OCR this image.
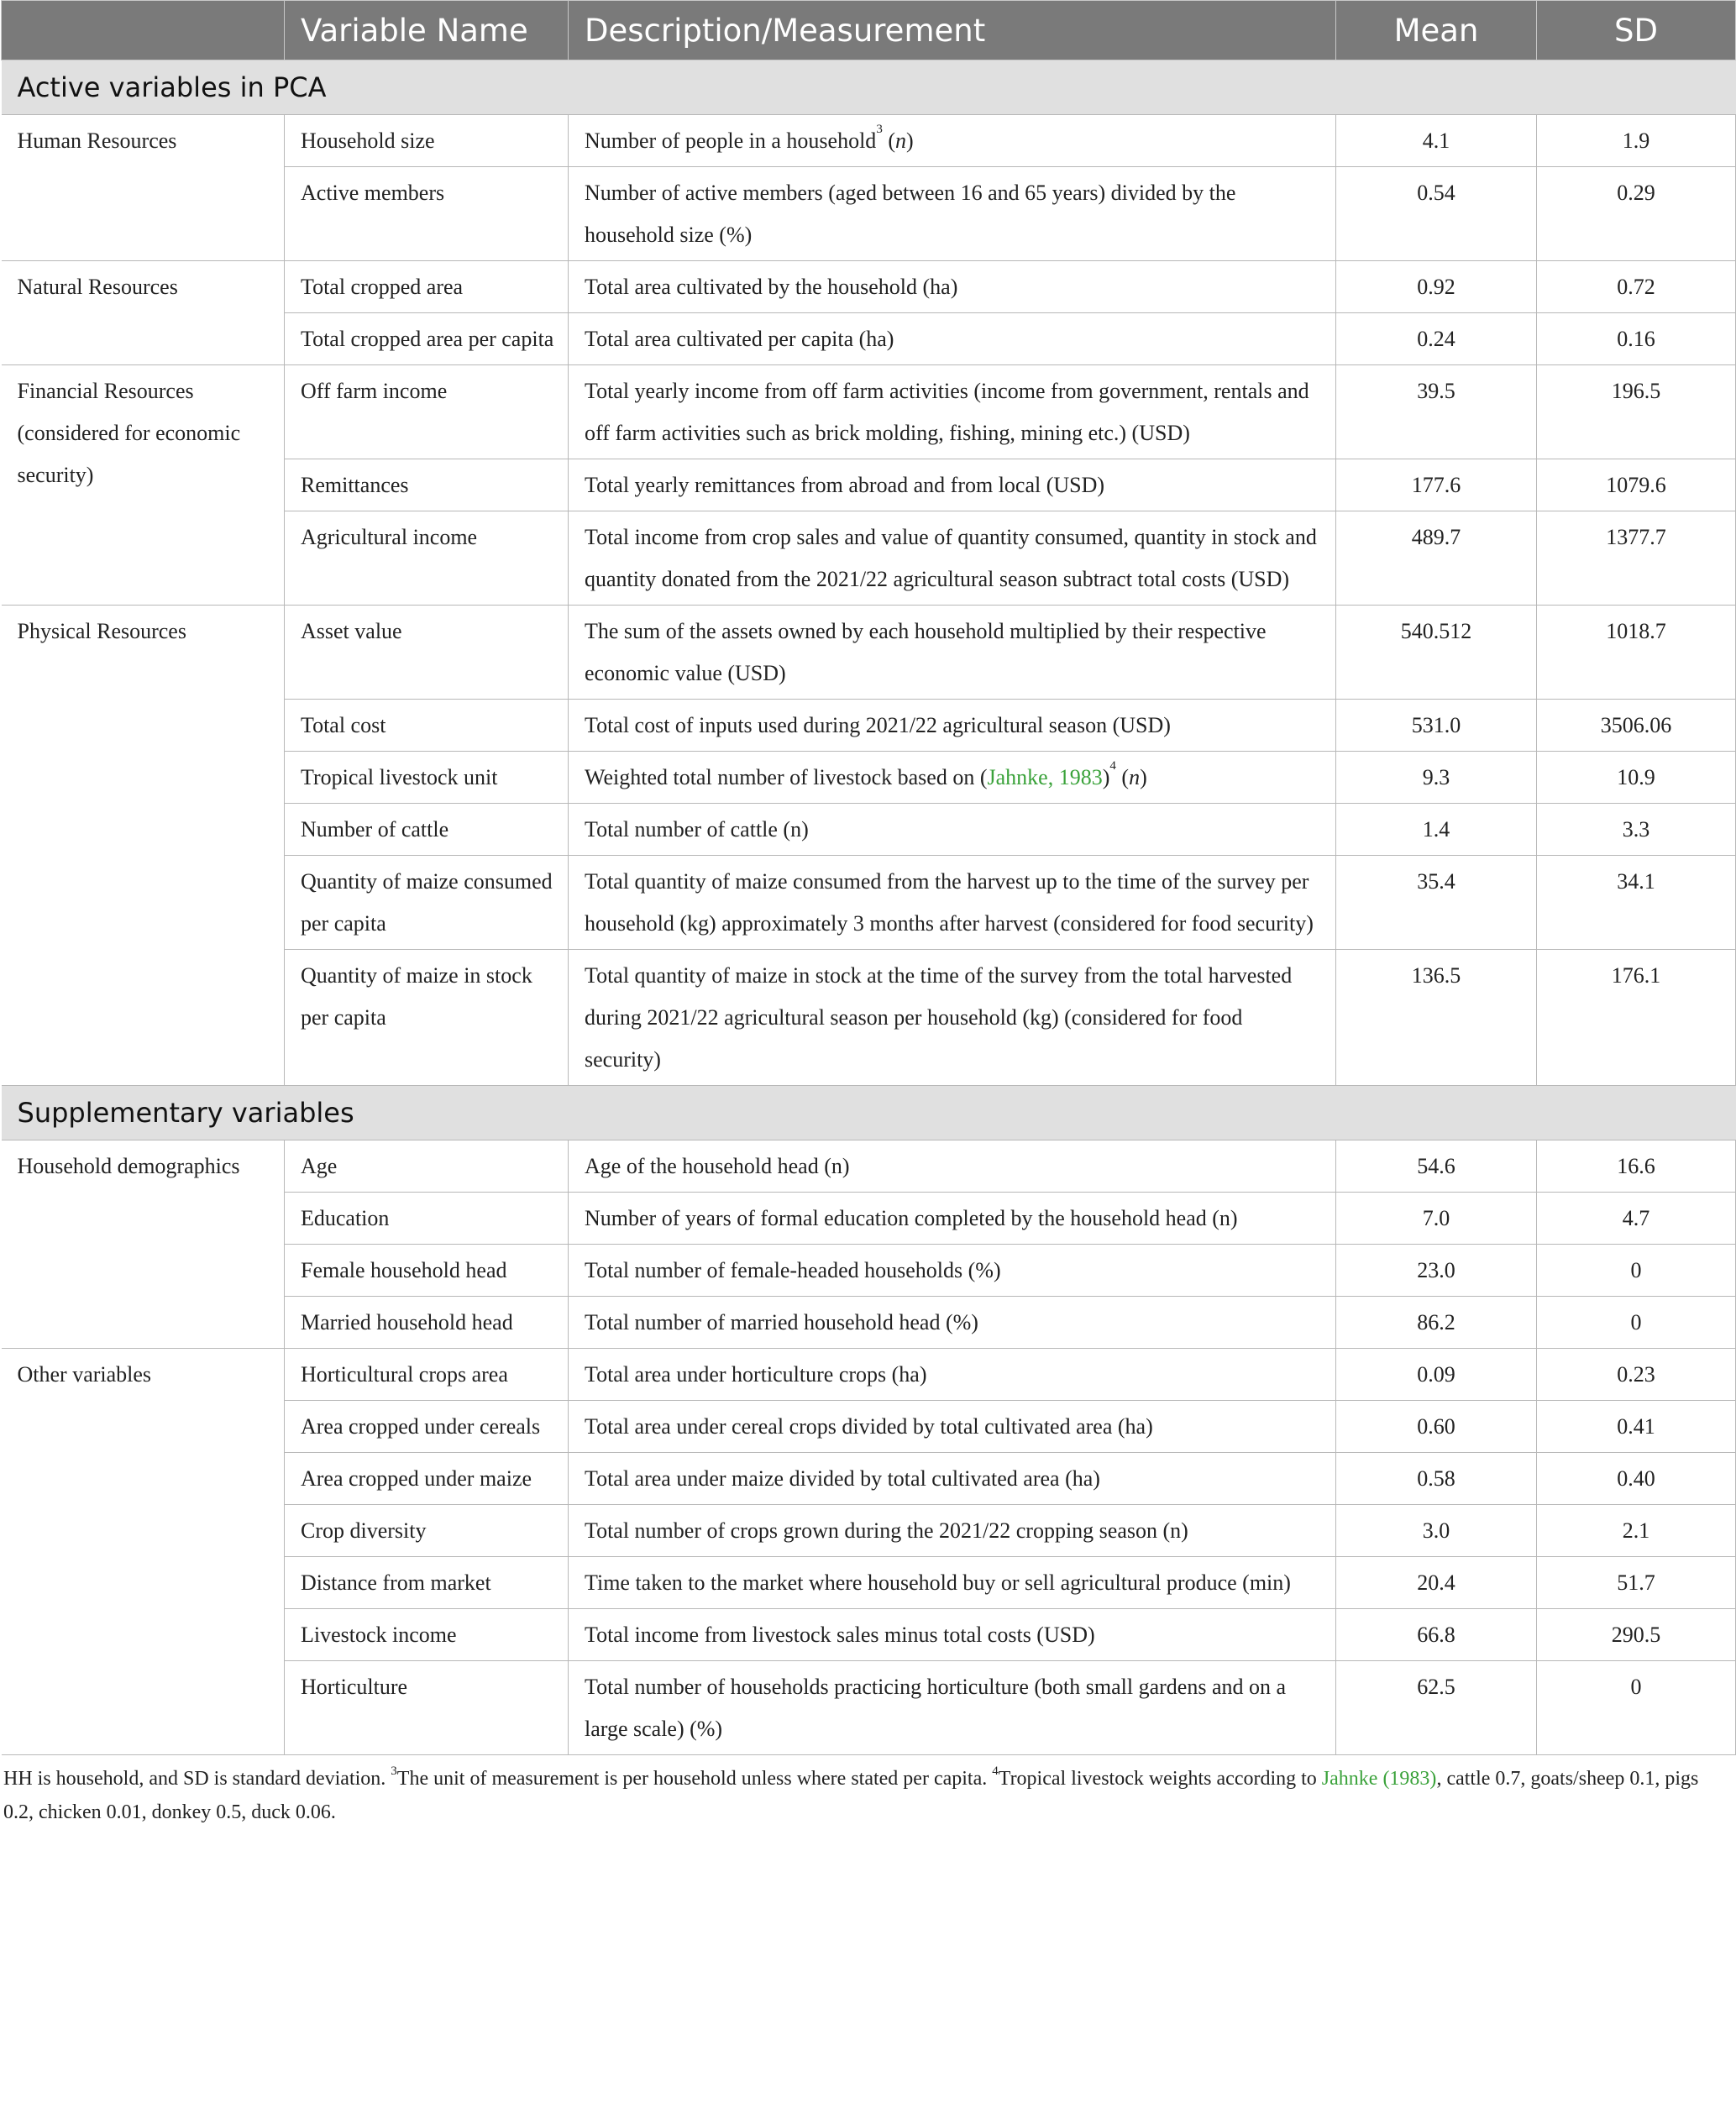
	Variable Name	Description/Measurement	Mean	SD
Active variables in PCA				
Human Resources	Household size	Number of people in a household$^3$ (n)	4.1	1.9
	Active members	Number of active members (aged between 16 and 65 years) divided by the household size (%)	0.54	0.29
Natural Resources	Total cropped area	Total area cultivated by the household (ha)	0.92	0.72
	Total cropped area per capita	Total area cultivated per capita (ha)	0.24	0.16
Financial Resources (considered for economic security)	Off farm income	Total yearly income from off farm activities (income from government, rentals and off farm activities such as brick molding, fishing, mining etc.) (USD)	39.5	196.5
	Remittances	Total yearly remittances from abroad and from local (USD)	177.6	1079.6
	Agricultural income	Total income from crop sales and value of quantity consumed, quantity in stock and quantity donated from the 2021/22 agricultural season subtract total costs (USD)	489.7	1377.7
Physical Resources	Asset value	The sum of the assets owned by each household multiplied by their respective economic value (USD)	540.512	1018.7
	Total cost	Total cost of inputs used during 2021/22 agricultural season (USD)	531.0	3506.06
	Tropical livestock unit	Weighted total number of livestock based on (Jahnke, 1983)$^4$ (n)	9.3	10.9
	Number of cattle	Total number of cattle (n)	1.4	3.3
	Quantity of maize consumed per capita	Total quantity of maize consumed from the harvest up to the time of the survey per household (kg) approximately 3 months after harvest (considered for food security)	35.4	34.1
	Quantity of maize in stock per capita	Total quantity of maize in stock at the time of the survey from the total harvested during 2021/22 agricultural season per household (kg) (considered for food security)	136.5	176.1
Supplementary variables				
Household demographics	Age	Age of the household head (n)	54.6	16.6
	Education	Number of years of formal education completed by the household head (n)	7.0	4.7
	Female household head	Total number of female-headed households (%)	23.0	0
	Married household head	Total number of married household head (%)	86.2	0
Other variables	Horticultural crops area	Total area under horticulture crops (ha)	0.09	0.23
	Area cropped under cereals	Total area under cereal crops divided by total cultivated area (ha)	0.60	0.41
	Area cropped under maize	Total area under maize divided by total cultivated area (ha)	0.58	0.40
	Crop diversity	Total number of crops grown during the 2021/22 cropping season (n)	3.0	2.1
	Distance from market	Time taken to the market where household buy or sell agricultural produce (min)	20.4	51.7
	Livestock income	Total income from livestock sales minus total costs (USD)	66.8	290.5
	Horticulture	Total number of households practicing horticulture (both small gardens and on a large scale) (%)	62.5	0
HH is household, and SD is standard deviation. $^3$The unit of measurement is per household unless where stated per capita. $^4$Tropical livestock weights according to Jahnke (1983), cattle 0.7, goats/sheep 0.1, pigs 0.2, chicken 0.01, donkey 0.5, duck 0.06.
